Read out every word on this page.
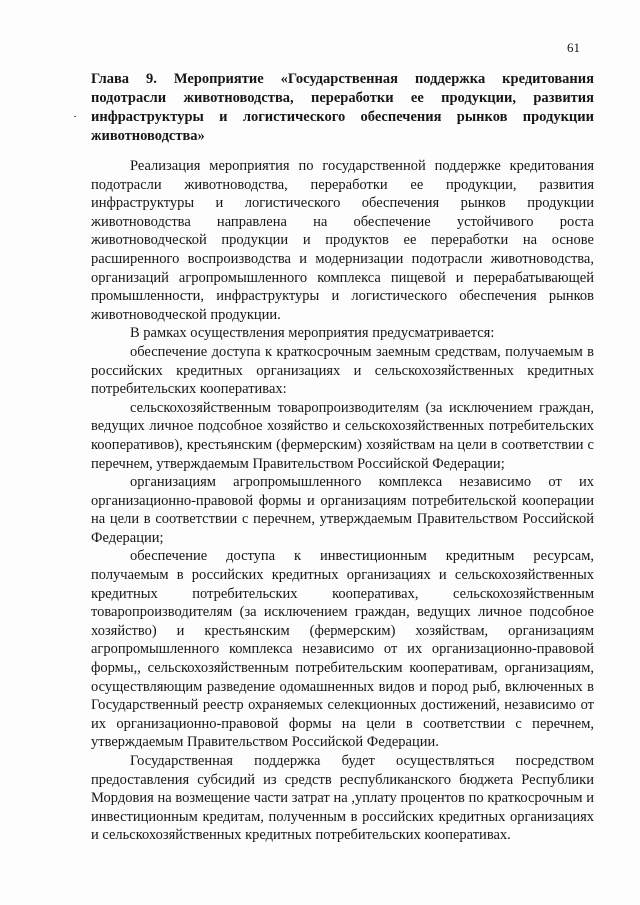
61
Глава 9. Мероприятие «Государственная поддержка кредитования подотрасли животноводства, переработки ее продукции, развития инфраструктуры и логистического обеспечения рынков продукции животноводства»

Реализация мероприятия по государственной поддержке кредитования подотрасли животноводства, переработки ее продукции, развития инфраструктуры и логистического обеспечения рынков продукции животноводства направлена на обеспечение устойчивого роста животноводческой продукции и продуктов ее переработки на основе расширенного воспроизводства и модернизации подотрасли животноводства, организаций агропромышленного комплекса пищевой и перерабатывающей промышленности, инфраструктуры и логистического обеспечения рынков животноводческой продукции.

В рамках осуществления мероприятия предусматривается:

обеспечение доступа к краткосрочным заемным средствам, получаемым в российских кредитных организациях и сельскохозяйственных кредитных потребительских кооперативах:

сельскохозяйственным товаропроизводителям (за исключением граждан, ведущих личное подсобное хозяйство и сельскохозяйственных потребительских кооперативов), крестьянским (фермерским) хозяйствам на цели в соответствии с перечнем, утверждаемым Правительством Российской Федерации;

организациям агропромышленного комплекса независимо от их организационно-правовой формы и организациям потребительской кооперации на цели в соответствии с перечнем, утверждаемым Правительством Российской Федерации;

обеспечение доступа к инвестиционным кредитным ресурсам, получаемым в российских кредитных организациях и сельскохозяйственных кредитных потребительских кооперативах, сельскохозяйственным товаропроизводителям (за исключением граждан, ведущих личное подсобное хозяйство) и крестьянским (фермерским) хозяйствам, организациям агропромышленного комплекса независимо от их организационно-правовой формы,, сельскохозяйственным потребительским кооперативам, организациям, осуществляющим разведение одомашненных видов и пород рыб, включенных в Государственный реестр охраняемых селекционных достижений, независимо от их организационно-правовой формы на цели в соответствии с перечнем, утверждаемым Правительством Российской Федерации.

Государственная поддержка будет осуществляться посредством предоставления субсидий из средств республиканского бюджета Республики Мордовия на возмещение части затрат на ,уплату процентов по краткосрочным и инвестиционным кредитам, полученным в российских кредитных организациях и сельскохозяйственных кредитных потребительских кооперативах.
